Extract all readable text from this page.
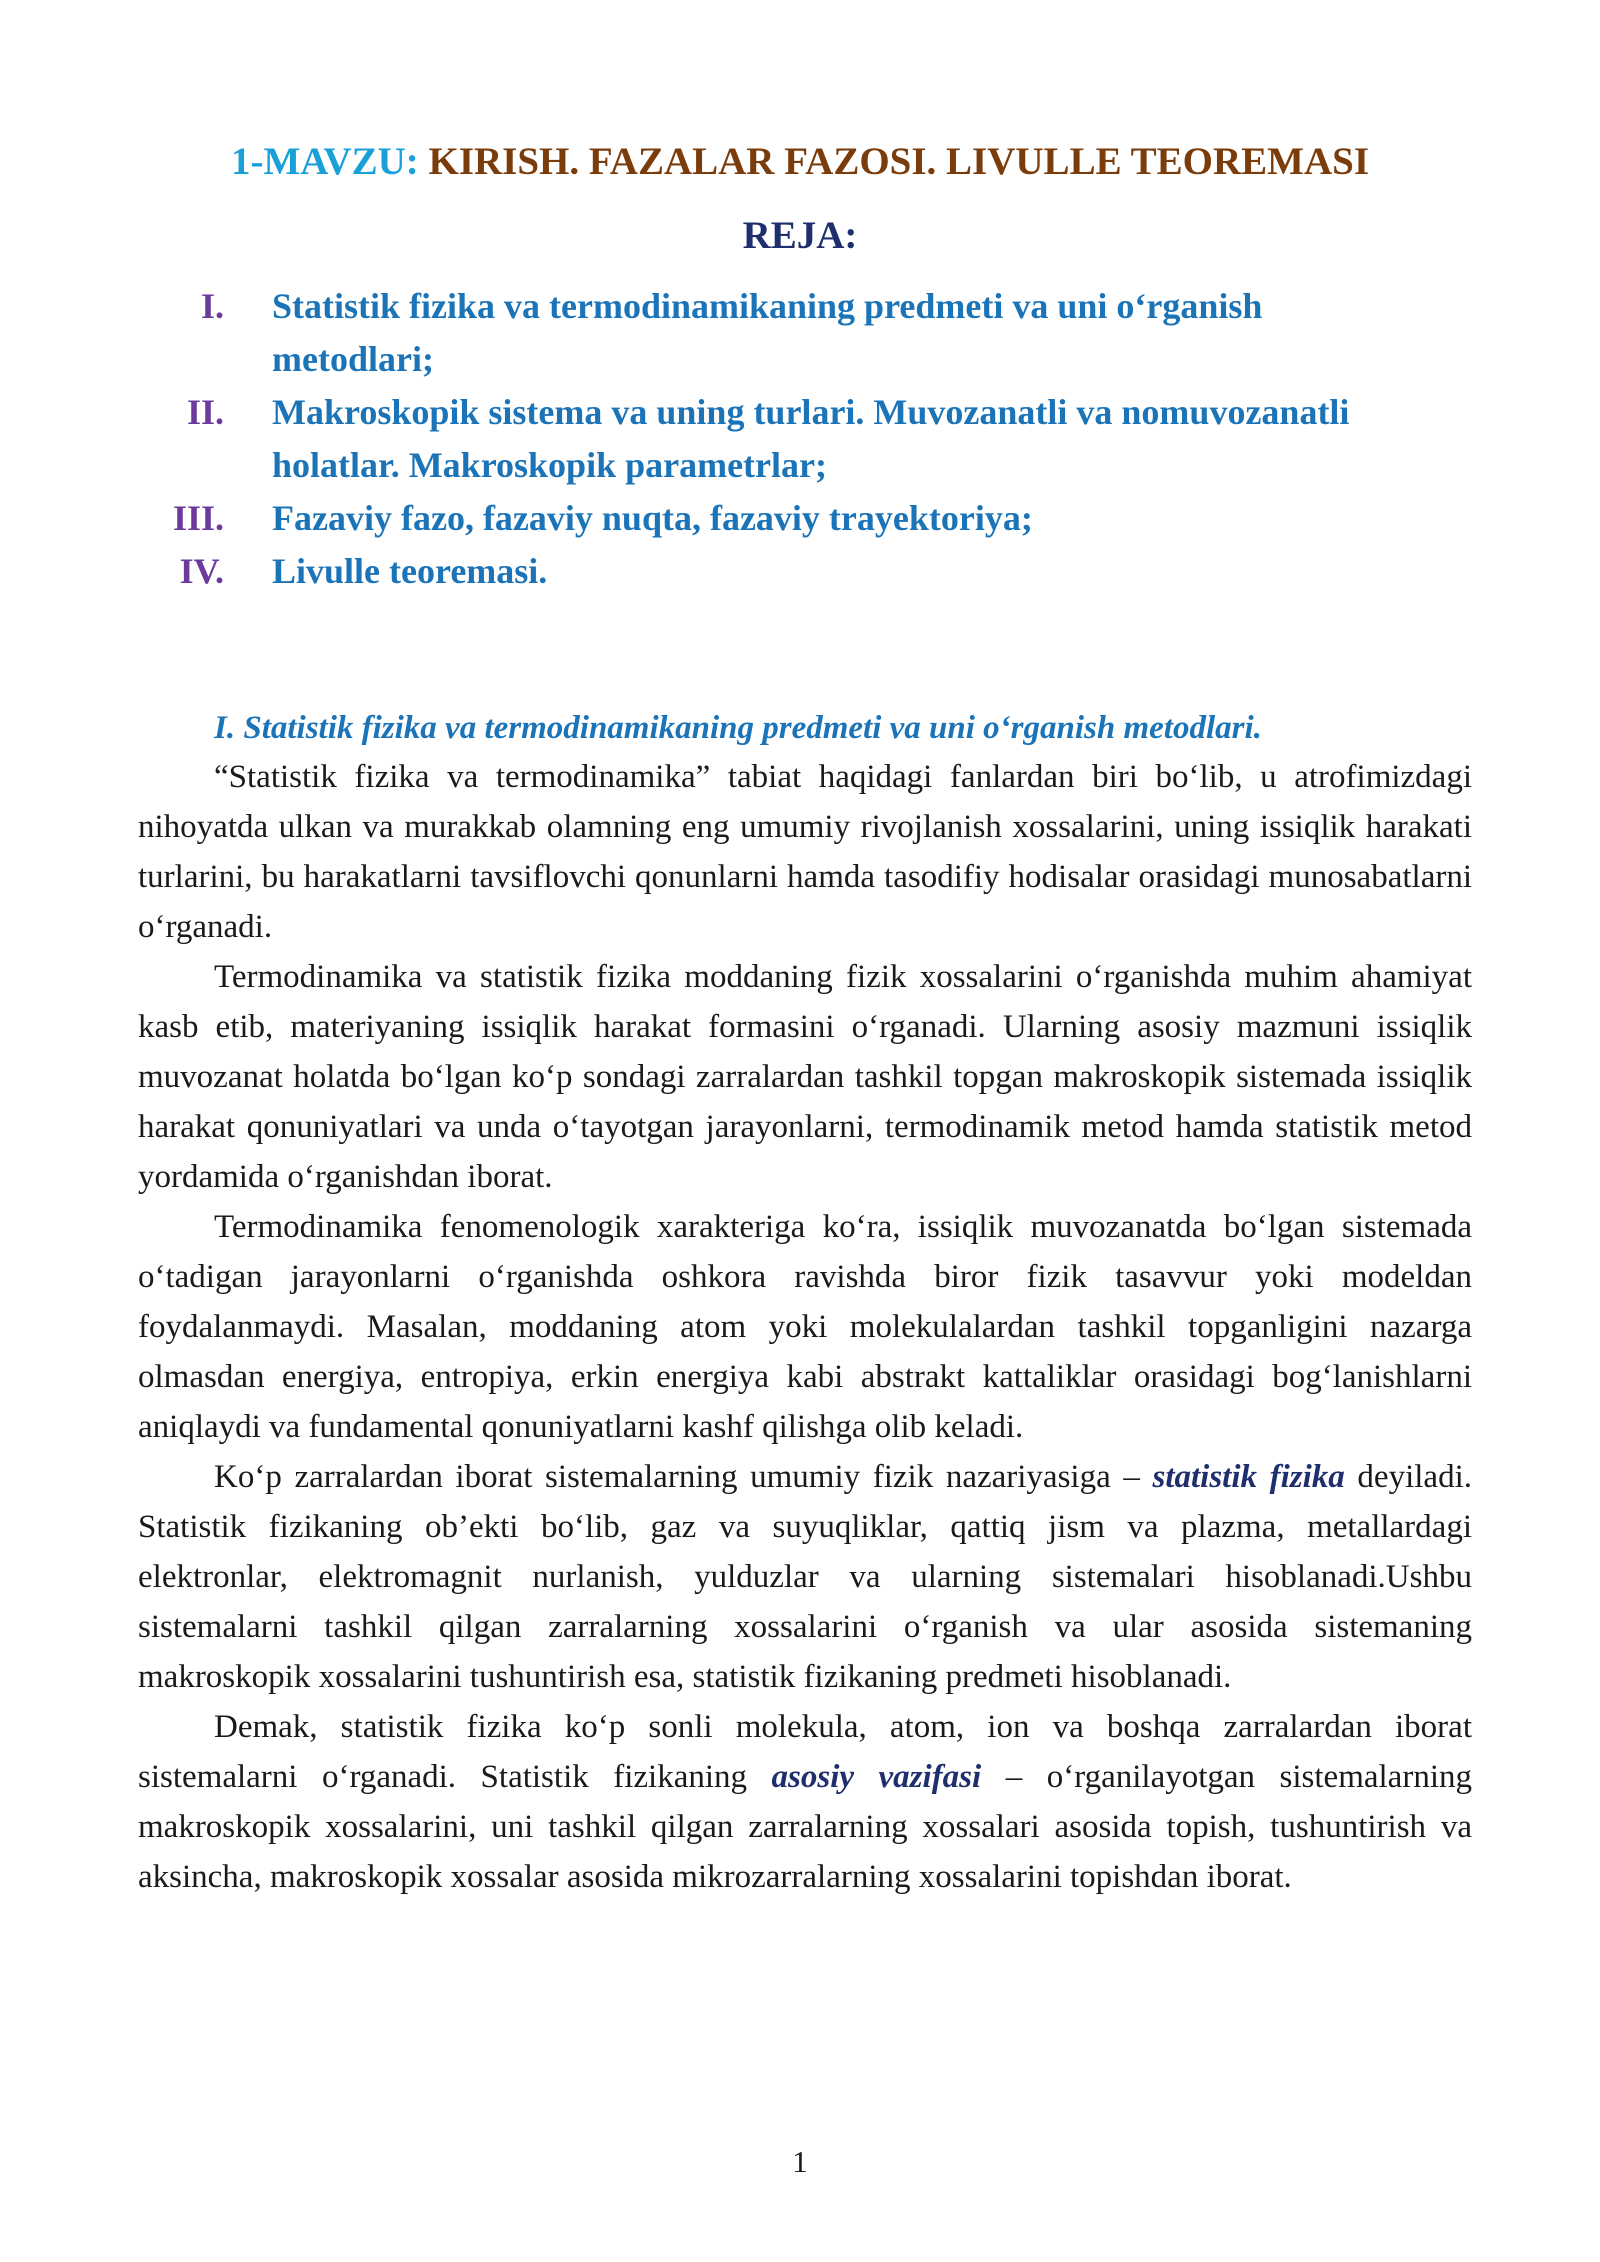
1-MAVZU: KIRISH. FAZALAR FAZOSI. LIVULLE TEOREMASI
REJA:
I. Statistik fizika va termodinamikaning predmeti va uni o‘rganish metodlari;
II. Makroskopik sistema va uning turlari. Muvozanatli va nomuvozanatli holatlar. Makroskopik parametrlar;
III. Fazaviy fazo, fazaviy nuqta, fazaviy trayektoriya;
IV. Livulle teoremasi.
I. Statistik fizika va termodinamikaning predmeti va uni o‘rganish metodlari.

“Statistik fizika va termodinamika” tabiat haqidagi fanlardan biri bo‘lib, u atrofimizdagi nihoyatda ulkan va murakkab olamning eng umumiy rivojlanish xossalarini, uning issiqlik harakati turlarini, bu harakatlarni tavsiflovchi qonunlarni hamda tasodifiy hodisalar orasidagi munosabatlarni o‘rganadi.

Termodinamika va statistik fizika moddaning fizik xossalarini o‘rganishda muhim ahamiyat kasb etib, materiyaning issiqlik harakat formasini o‘rganadi. Ularning asosiy mazmuni issiqlik muvozanat holatda bo‘lgan ko‘p sondagi zarralardan tashkil topgan makroskopik sistemada issiqlik harakat qonuniyatlari va unda o‘tayotgan jarayonlarni, termodinamik metod hamda statistik metod yordamida o‘rganishdan iborat.

Termodinamika fenomenologik xarakteriga ko‘ra, issiqlik muvozanatda bo‘lgan sistemada o‘tadigan jarayonlarni o‘rganishda oshkora ravishda biror fizik tasavvur yoki modeldan foydalanmaydi. Masalan, moddaning atom yoki molekulalardan tashkil topganligini nazarga olmasdan energiya, entropiya, erkin energiya kabi abstrakt kattaliklar orasidagi bog‘lanishlarni aniqlaydi va fundamental qonuniyatlarni kashf qilishga olib keladi.

Ko‘p zarralardan iborat sistemalarning umumiy fizik nazariyasiga – statistik fizika deyiladi. Statistik fizikaning ob’ekti bo‘lib, gaz va suyuqliklar, qattiq jism va plazma, metallardagi elektronlar, elektromagnit nurlanish, yulduzlar va ularning sistemalari hisoblanadi.Ushbu sistemalarni tashkil qilgan zarralarning xossalarini o‘rganish va ular asosida sistemaning makroskopik xossalarini tushuntirish esa, statistik fizikaning predmeti hisoblanadi.

Demak, statistik fizika ko‘p sonli molekula, atom, ion va boshqa zarralardan iborat sistemalarni o‘rganadi. Statistik fizikaning asosiy vazifasi – o‘rganilayotgan sistemalarning makroskopik xossalarini, uni tashkil qilgan zarralarning xossalari asosida topish, tushuntirish va aksincha, makroskopik xossalar asosida mikrozarralarning xossalarini topishdan iborat.

1
